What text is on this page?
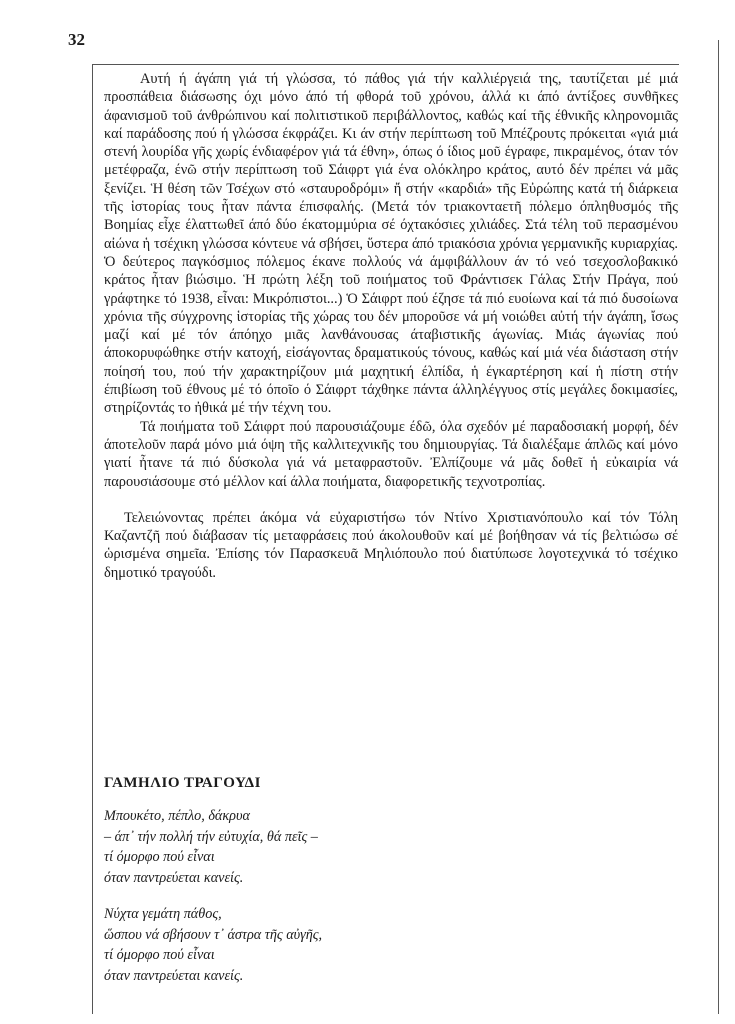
32

Αυτή ή άγάπη γιά τή γλώσσα, τό πάθος γιά τήν καλλιέργειά της, ταυτίζεται μέ μιά προσπάθεια διάσωσης όχι μόνο άπό τή φθορά τοῦ χρόνου, άλλά κι άπό άντίξοες συνθῆκες άφανισμοῦ τοῦ άνθρώπινου καί πολιτιστικοῦ περιβάλλοντος, καθώς καί τῆς έθνικῆς κληρονομιᾶς καί παράδοσης πού ή γλώσσα έκφράζει. Κι άν στήν περίπτωση τοῦ Μπέζρουτς πρόκειται «γιά μιά στενή λουρίδα γῆς χωρίς ένδιαφέρον γιά τά έθνη», όπως ό ίδιος μοῦ έγραφε, πικραμένος, όταν τόν μετέφραζα, ένῶ στήν περίπτωση τοῦ Σάιφρτ γιά ένα ολόκληρο κράτος, αυτό δέν πρέπει νά μᾶς ξενίζει. Ἡ θέση τῶν Τσέχων στό «σταυροδρόμι» ἤ στήν «καρδιά» τῆς Εὐρώπης κατά τή διάρκεια τῆς ἱστορίας τους ἦταν πάντα έπισφαλής. (Μετά τόν τριακονταετῆ πόλεμο όπληθυσμός τῆς Βοημίας εἶχε έλαττωθεῖ άπό δύο έκατομμύρια σέ όχτακόσιες χιλιάδες. Στά τέλη τοῦ περασμένου αἰώνα ἡ τσέχικη γλώσσα κόντευε νά σβήσει, ὕστερα άπό τριακόσια χρόνια γερμανικῆς κυριαρχίας. Ὁ δεύτερος παγκόσμιος πόλεμος έκανε πολλούς νά άμφιβάλλουν άν τό νεό τσεχοσλοβακικό κράτος ἦταν βιώσιμο. Ἡ πρώτη λέξη τοῦ ποιήματος τοῦ Φράντισεκ Γάλας Στήν Πράγα, πού γράφτηκε τό 1938, εἶναι: Μικρόπιστοι...) Ὁ Σάιφρτ πού έζησε τά πιό ευοίωνα καί τά πιό δυσοίωνα χρόνια τῆς σύγχρονης ἱστορίας τῆς χώρας του δέν μποροῦσε νά μή νοιώθει αὐτή τήν άγάπη, ἴσως μαζί καί μέ τόν άπόηχο μιᾶς λανθάνουσας άταβιστικῆς άγωνίας. Μιάς άγωνίας πού άποκορυφώθηκε στήν κατοχή, εἰσάγοντας δραματικούς τόνους, καθώς καί μιά νέα διάσταση στήν ποίησή του, πού τήν χαρακτηρίζουν μιά μαχητική έλπίδα, ἡ έγκαρτέρηση καί ἡ πίστη στήν έπιβίωση τοῦ έθνους μέ τό όποῖο ό Σάιφρτ τάχθηκε πάντα άλληλέγγυος στίς μεγάλες δοκιμασίες, στηρίζοντάς το ἠθικά μέ τήν τέχνη του.

Τά ποιήματα τοῦ Σάιφρτ πού παρουσιάζουμε έδῶ, όλα σχεδόν μέ παραδοσιακή μορφή, δέν άποτελοῦν παρά μόνο μιά όψη τῆς καλλιτεχνικῆς του δημιουργίας. Τά διαλέξαμε άπλῶς καί μόνο γιατί ἦτανε τά πιό δύσκολα γιά νά μεταφραστοῦν. Ἐλπίζουμε νά μᾶς δοθεῖ ἡ εὐκαιρία νά παρουσιάσουμε στό μέλλον καί άλλα ποιήματα, διαφορετικῆς τεχνοτροπίας.

Τελειώνοντας πρέπει άκόμα νά εὐχαριστήσω τόν Ντίνο Χριστιανόπουλο καί τόν Τόλη Καζαντζῆ πού διάβασαν τίς μεταφράσεις πού άκολουθοῦν καί μέ βοήθησαν νά τίς βελτιώσω σέ ὡρισμένα σημεῖα. Ἐπίσης τόν Παρασκευᾶ Μηλιόπουλο πού διατύπωσε λογοτεχνικά τό τσέχικο δημοτικό τραγούδι.

ΓΑΜΗΛΙΟ ΤΡΑΓΟΥΔΙ
Μπουκέτο, πέπλο, δάκρυα
– άπ᾽ τήν πολλή τήν εὐτυχία, θά πεῖς –
τί όμορφο πού εἶναι
όταν παντρεύεται κανείς.
Νύχτα γεμάτη πάθος,
ὥσπου νά σβήσουν τ᾽ άστρα τῆς αὐγῆς,
τί όμορφο πού εἶναι
όταν παντρεύεται κανείς.
